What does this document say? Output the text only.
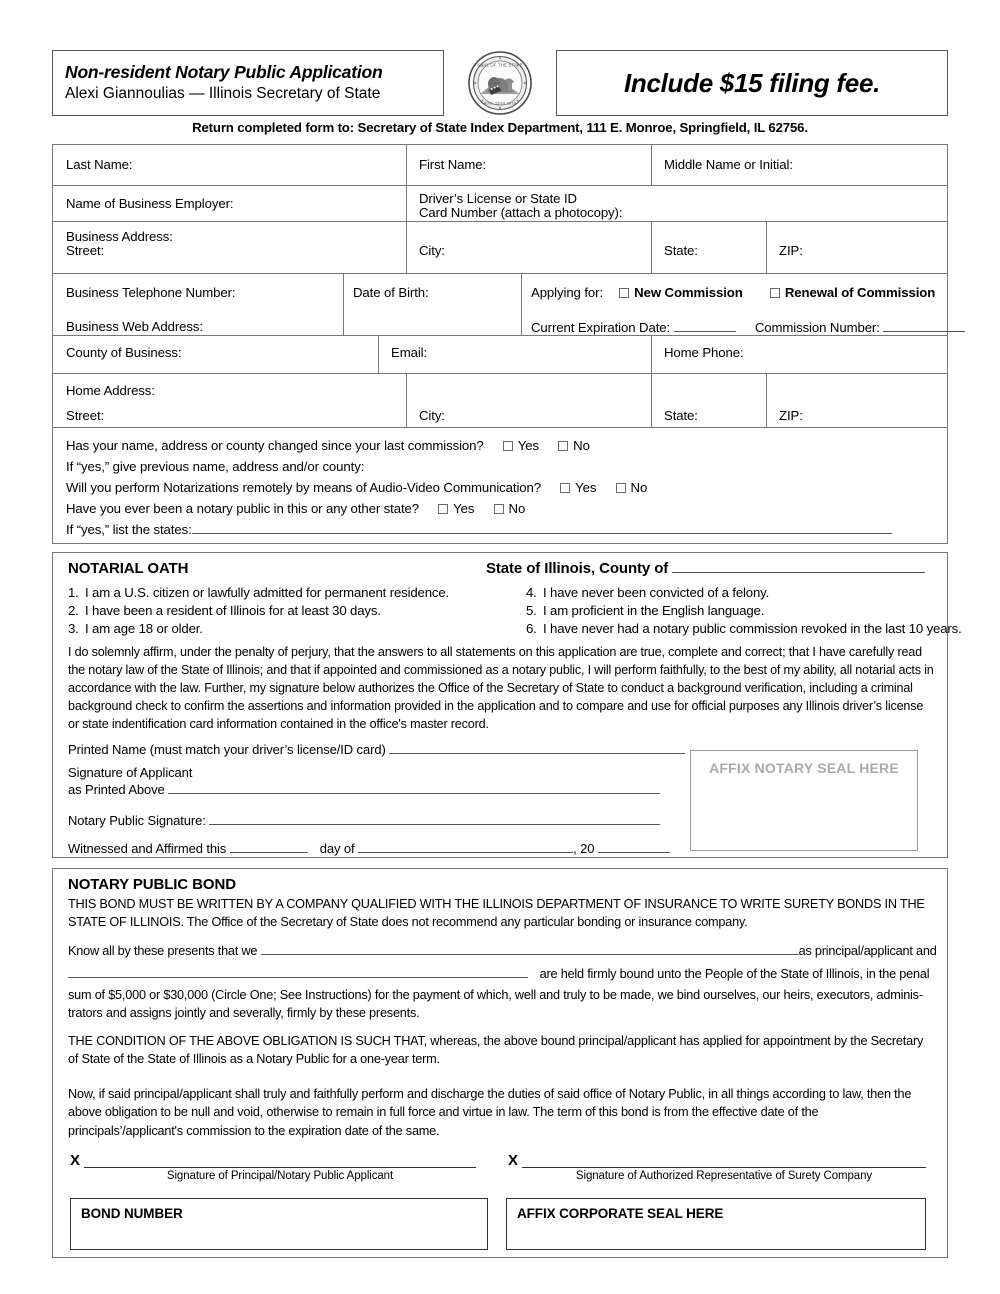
Non-resident Notary Public Application
Alexi Giannoulias — Illinois Secretary of State
SEAL OF THE STATE
AUG. 26TH 1818
Include $15 filing fee.
Return completed form to: Secretary of State Index Department, 111 E. Monroe, Springfield, IL 62756.
Last Name:	First Name:	Middle Name or Initial:
Name of Business Employer:	Driver’s License or State ID
Card Number (attach a photocopy):
Business Address:
Street:	City:	State:	ZIP:
Business Telephone Number:
Business Web Address:
Date of Birth:	Applying for: New Commission	Renewal of Commission
Current Expiration Date:	Commission Number:
County of Business:	Email:	Home Phone:
Home Address:
Street:	City:	State:	ZIP:
Has your name, address or county changed since your last commission?	Yes	No
If “yes,” give previous name, address and/or county:
Will you perform Notarizations remotely by means of Audio-Video Communication?	Yes	No
Have you ever been a notary public in this or any other state?	Yes	No
If “yes,” list the states:
NOTARIAL OATH	State of Illinois, County of
1. I am a U.S. citizen or lawfully admitted for permanent residence.
2. I have been a resident of Illinois for at least 30 days.
3. I am age 18 or older.
4. I have never been convicted of a felony.
5. I am proficient in the English language.
6. I have never had a notary public commission revoked in the last 10 years.
I do solemnly affirm, under the penalty of perjury, that the answers to all statements on this application are true, complete and correct; that I have carefully read the notary law of the State of Illinois; and that if appointed and commissioned as a notary public, I will perform faithfully, to the best of my ability, all notarial acts in accordance with the law. Further, my signature below authorizes the Office of the Secretary of State to conduct a background verification, including a criminal background check to confirm the assertions and information provided in the application and to compare and use for official purposes any Illinois driver’s license or state indentification card information contained in the office's master record.
Printed Name (must match your driver’s license/ID card)
Signature of Applicant
as Printed Above
Notary Public Signature:
Witnessed and Affirmed this	day of	, 20
AFFIX NOTARY SEAL HERE
NOTARY PUBLIC BOND
THIS BOND MUST BE WRITTEN BY A COMPANY QUALIFIED WITH THE ILLINOIS DEPARTMENT OF INSURANCE TO WRITE SURETY BONDS IN THE STATE OF ILLINOIS. The Office of the Secretary of State does not recommend any particular bonding or insurance company.
Know all by these presents that we	as principal/applicant and
are held firmly bound unto the People of the State of Illinois, in the penal
sum of $5,000 or $30,000 (Circle One; See Instructions) for the payment of which, well and truly to be made, we bind ourselves, our heirs, executors, adminis-trators and assigns jointly and severally, firmly by these presents.
THE CONDITION OF THE ABOVE OBLIGATION IS SUCH THAT, whereas, the above bound principal/applicant has applied for appointment by the Secretary of State of the State of Illinois as a Notary Public for a one-year term.
Now, if said principal/applicant shall truly and faithfully perform and discharge the duties of said office of Notary Public, in all things according to law, then the above obligation to be null and void, otherwise to remain in full force and virtue in law. The term of this bond is from the effective date of the principals’/applicant's commission to the expiration date of the same.
X
Signature of Principal/Notary Public Applicant
X
Signature of Authorized Representative of Surety Company
BOND NUMBER	AFFIX CORPORATE SEAL HERE
